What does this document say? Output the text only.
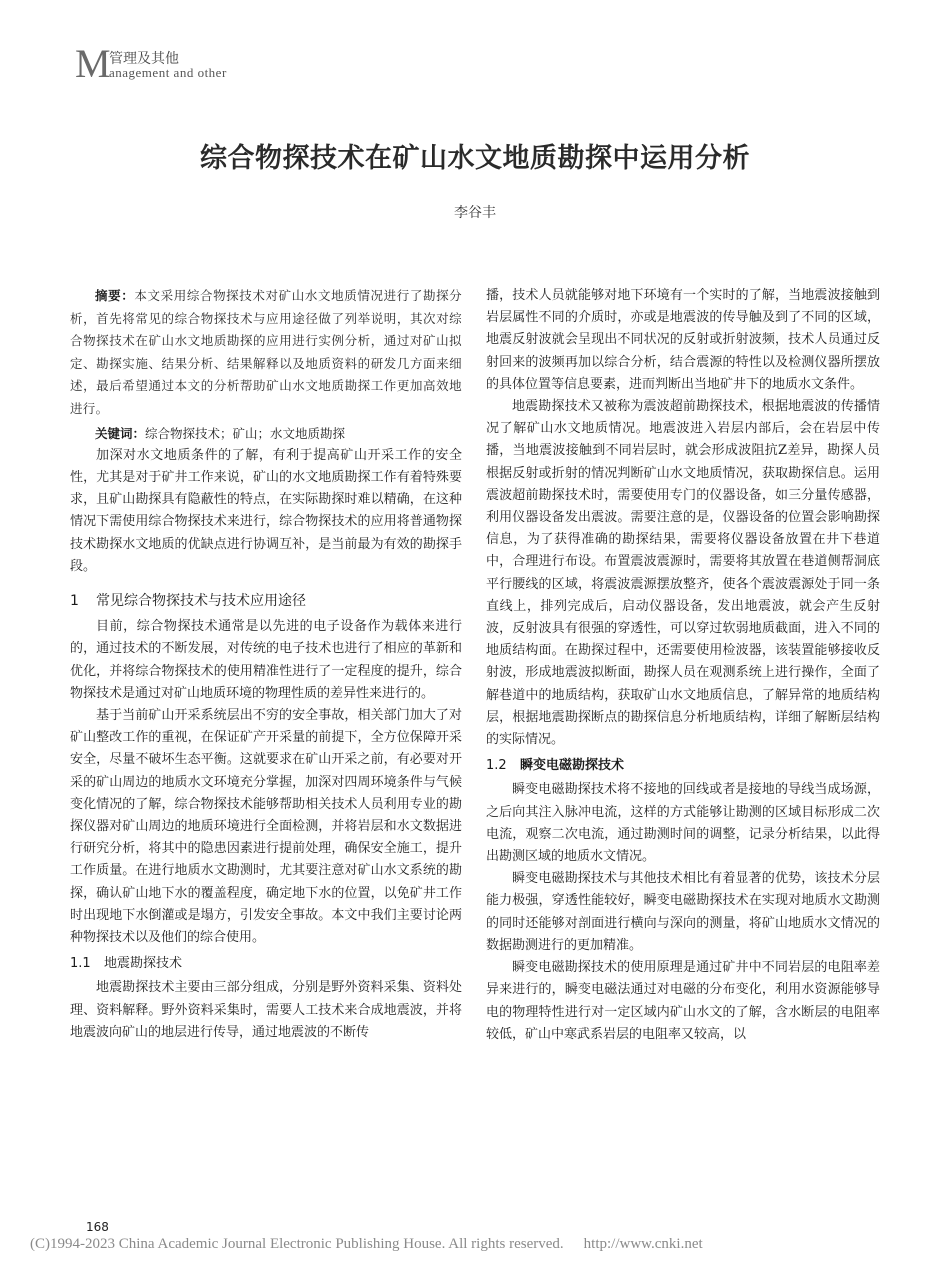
M
管理及其他
anagement and other
综合物探技术在矿山水文地质勘探中运用分析
李谷丰

摘要：本文采用综合物探技术对矿山水文地质情况进行了勘探分析，首先将常见的综合物探技术与应用途径做了列举说明，其次对综合物探技术在矿山水文地质勘探的应用进行实例分析，通过对矿山拟定、勘探实施、结果分析、结果解释以及地质资料的研发几方面来细述，最后希望通过本文的分析帮助矿山水文地质勘探工作更加高效地进行。

关键词：综合物探技术；矿山；水文地质勘探

加深对水文地质条件的了解，有利于提高矿山开采工作的安全性，尤其是对于矿井工作来说，矿山的水文地质勘探工作有着特殊要求，且矿山勘探具有隐蔽性的特点，在实际勘探时难以精确，在这种情况下需使用综合物探技术来进行，综合物探技术的应用将普通物探技术勘探水文地质的优缺点进行协调互补，是当前最为有效的勘探手段。

1 常见综合物探技术与技术应用途径

目前，综合物探技术通常是以先进的电子设备作为载体来进行的，通过技术的不断发展，对传统的电子技术也进行了相应的革新和优化，并将综合物探技术的使用精准性进行了一定程度的提升，综合物探技术是通过对矿山地质环境的物理性质的差异性来进行的。

基于当前矿山开采系统层出不穷的安全事故，相关部门加大了对矿山整改工作的重视，在保证矿产开采量的前提下，全方位保障开采安全，尽量不破坏生态平衡。这就要求在矿山开采之前，有必要对开采的矿山周边的地质水文环境充分掌握，加深对四周环境条件与气候变化情况的了解，综合物探技术能够帮助相关技术人员利用专业的勘探仪器对矿山周边的地质环境进行全面检测，并将岩层和水文数据进行研究分析，将其中的隐患因素进行提前处理，确保安全施工，提升工作质量。在进行地质水文勘测时，尤其要注意对矿山水文系统的勘探，确认矿山地下水的覆盖程度，确定地下水的位置，以免矿井工作时出现地下水倒灌或是塌方，引发安全事故。本文中我们主要讨论两种物探技术以及他们的综合使用。

1.1 地震勘探技术

地震勘探技术主要由三部分组成，分别是野外资料采集、资料处理、资料解释。野外资料采集时，需要人工技术来合成地震波，并将地震波向矿山的地层进行传导，通过地震波的不断传

播，技术人员就能够对地下环境有一个实时的了解，当地震波接触到岩层属性不同的介质时，亦或是地震波的传导触及到了不同的区域，地震反射波就会呈现出不同状况的反射或折射波频，技术人员通过反射回来的波频再加以综合分析，结合震源的特性以及检测仪器所摆放的具体位置等信息要素，进而判断出当地矿井下的地质水文条件。

地震勘探技术又被称为震波超前勘探技术，根据地震波的传播情况了解矿山水文地质情况。地震波进入岩层内部后，会在岩层中传播，当地震波接触到不同岩层时，就会形成波阻抗Z差异，勘探人员根据反射或折射的情况判断矿山水文地质情况，获取勘探信息。运用震波超前勘探技术时，需要使用专门的仪器设备，如三分量传感器，利用仪器设备发出震波。需要注意的是，仪器设备的位置会影响勘探信息，为了获得准确的勘探结果，需要将仪器设备放置在井下巷道中，合理进行布设。布置震波震源时，需要将其放置在巷道侧帮洞底平行腰线的区域，将震波震源摆放整齐，使各个震波震源处于同一条直线上，排列完成后，启动仪器设备，发出地震波，就会产生反射波，反射波具有很强的穿透性，可以穿过软弱地质截面，进入不同的地质结构面。在勘探过程中，还需要使用检波器，该装置能够接收反射波，形成地震波拟断面，勘探人员在观测系统上进行操作，全面了解巷道中的地质结构，获取矿山水文地质信息，了解异常的地质结构层，根据地震勘探断点的勘探信息分析地质结构，详细了解断层结构的实际情况。

1.2 瞬变电磁勘探技术

瞬变电磁勘探技术将不接地的回线或者是接地的导线当成场源，之后向其注入脉冲电流，这样的方式能够让勘测的区域目标形成二次电流，观察二次电流，通过勘测时间的调整，记录分析结果，以此得出勘测区域的地质水文情况。

瞬变电磁勘探技术与其他技术相比有着显著的优势，该技术分层能力极强，穿透性能较好，瞬变电磁勘探技术在实现对地质水文勘测的同时还能够对剖面进行横向与深向的测量，将矿山地质水文情况的数据勘测进行的更加精准。

瞬变电磁勘探技术的使用原理是通过矿井中不同岩层的电阻率差异来进行的，瞬变电磁法通过对电磁的分布变化，利用水资源能够导电的物理特性进行对一定区域内矿山水文的了解，含水断层的电阻率较低，矿山中寒武系岩层的电阻率又较高，以

168
(C)1994-2023 China Academic Journal Electronic Publishing House. All rights reserved. http://www.cnki.net
